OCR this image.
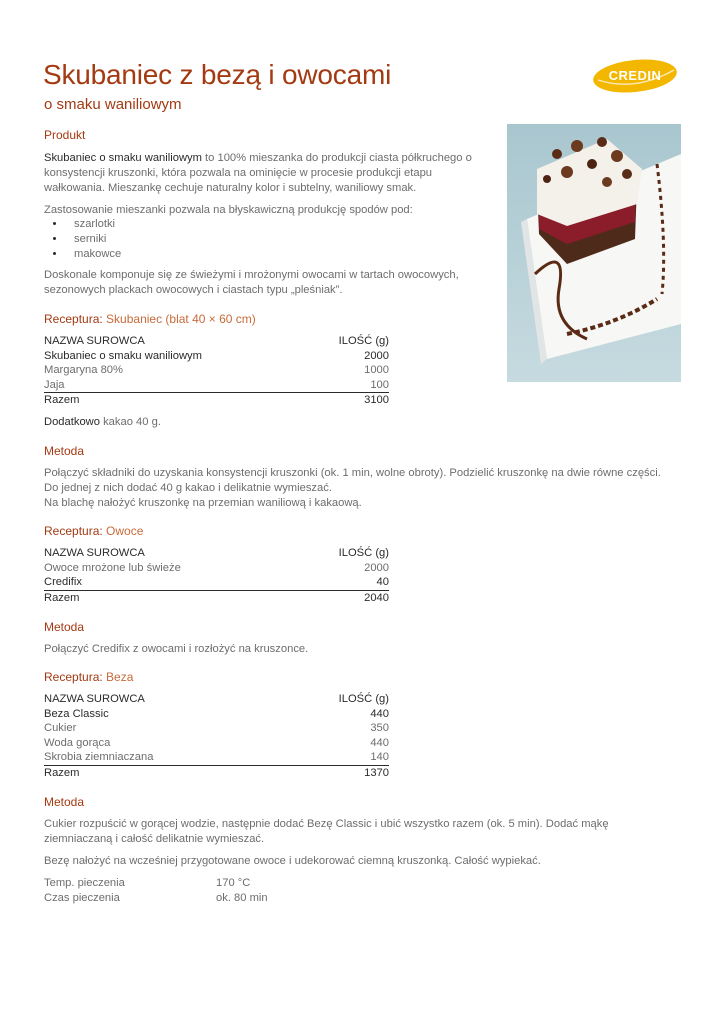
Skubaniec z bezą i owocami
o smaku waniliowym
CREDIN
Produkt

Skubaniec o smaku waniliowym to 100% mieszanka do produkcji ciasta półkruchego o konsystencji kruszonki, która pozwala na ominięcie w procesie produkcji etapu wałkowania. Mieszankę cechuje naturalny kolor i subtelny, waniliowy smak.

Zastosowanie mieszanki pozwala na błyskawiczną produkcję spodów pod:

• szarlotki
• serniki
• makowce

Doskonale komponuje się ze świeżymi i mrożonymi owocami w tartach owocowych, sezonowych plackach owocowych i ciastach typu „pleśniak”.

Receptura: Skubaniec (blat 40 × 60 cm)
NAZWA SUROWCA	ILOŚĆ (g)
Skubaniec o smaku waniliowym	2000
Margaryna 80%	1000
Jaja	100
Razem	3100

Dodatkowo kakao 40 g.

Metoda

Połączyć składniki do uzyskania konsystencji kruszonki (ok. 1 min, wolne obroty). Podzielić kruszonkę na dwie równe części.

Do jednej z nich dodać 40 g kakao i delikatnie wymieszać.

Na blachę nałożyć kruszonkę na przemian waniliową i kakaową.

Receptura: Owoce
NAZWA SUROWCA	ILOŚĆ (g)
Owoce mrożone lub świeże	2000
Credifix	40
Razem	2040
Metoda

Połączyć Credifix z owocami i rozłożyć na kruszonce.

Receptura: Beza
NAZWA SUROWCA	ILOŚĆ (g)
Beza Classic	440
Cukier	350
Woda gorąca	440
Skrobia ziemniaczana	140
Razem	1370
Metoda

Cukier rozpuścić w gorącej wodzie, następnie dodać Bezę Classic i ubić wszystko razem (ok. 5 min). Dodać mąkę ziemniaczaną i całość delikatnie wymieszać.

Bezę nałożyć na wcześniej przygotowane owoce i udekorować ciemną kruszonką. Całość wypiekać.

Temp. pieczenia	170 °C
Czas pieczenia	ok. 80 min
